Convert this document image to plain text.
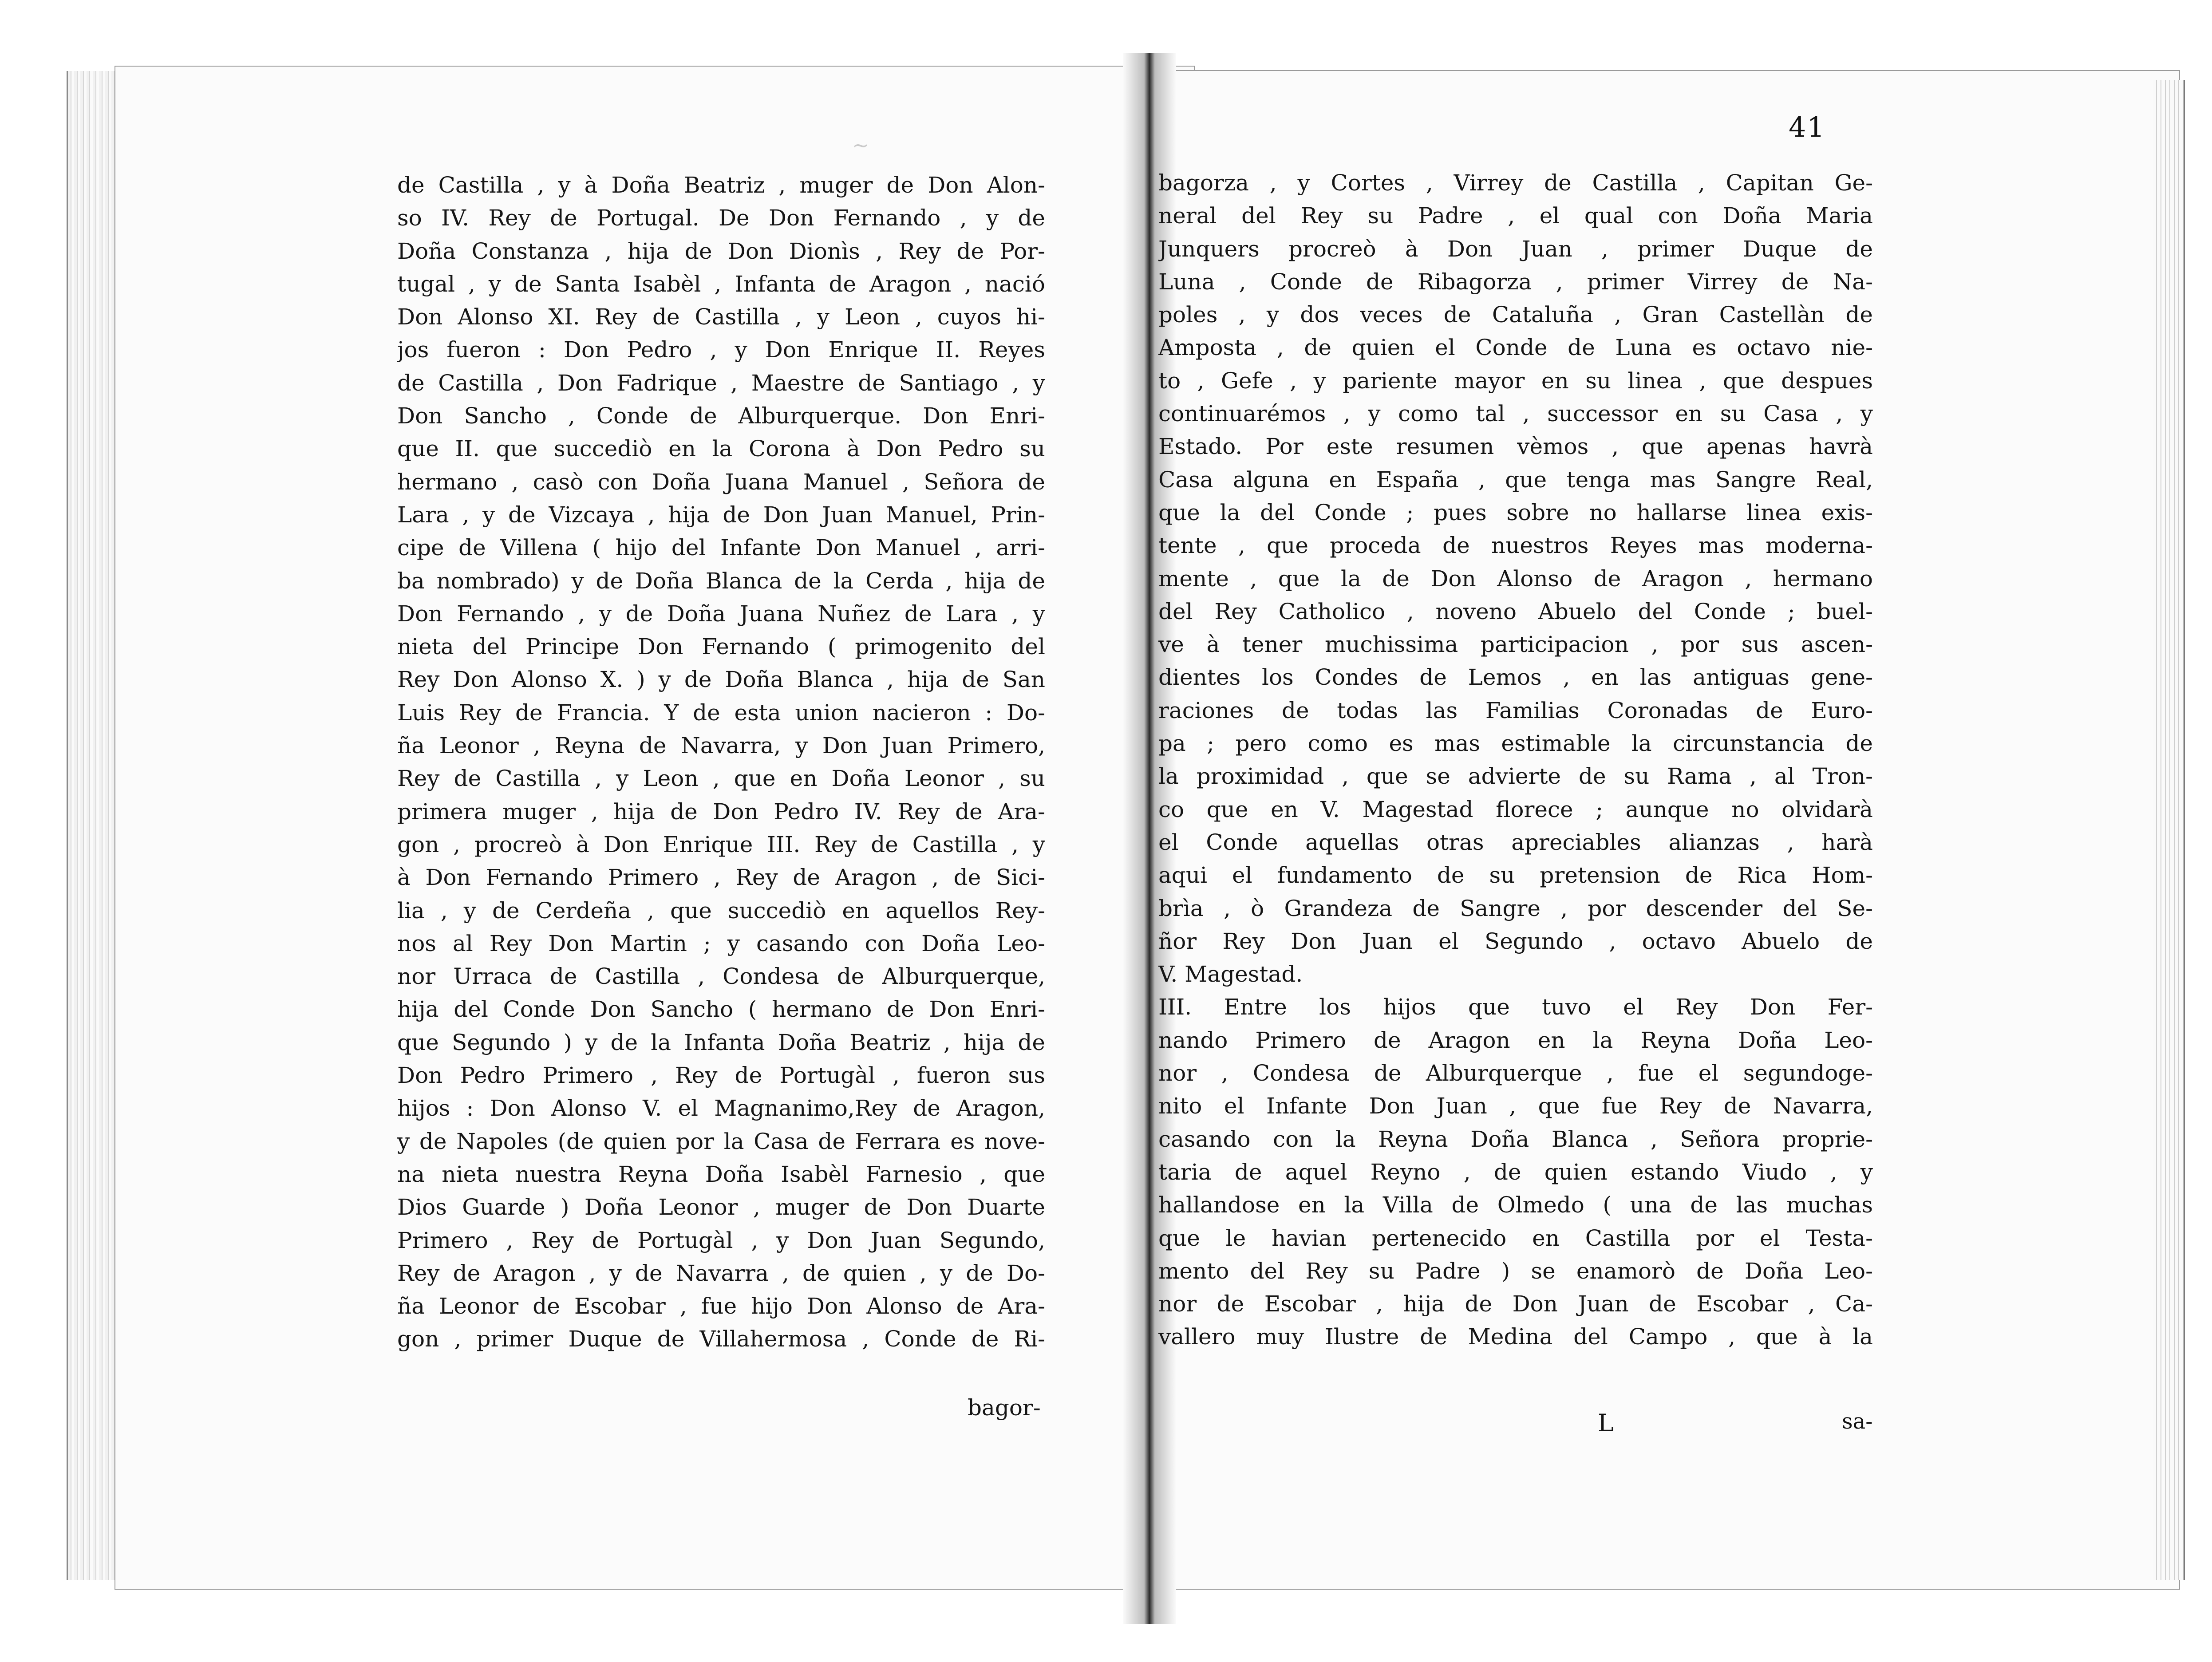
~
de Castilla , y à Doña Beatriz , muger de Don Alon-
so IV. Rey de Portugal. De Don Fernando , y de
Doña Constanza , hija de Don Dionìs , Rey de Por-
tugal , y de Santa Isabèl , Infanta de Aragon , nació
Don Alonso XI. Rey de Castilla , y Leon , cuyos hi-
jos fueron : Don Pedro , y Don Enrique II. Reyes
de Castilla , Don Fadrique , Maestre de Santiago , y
Don Sancho , Conde de Alburquerque. Don Enri-
que II. que succediò en la Corona à Don Pedro su
hermano , casò con Doña Juana Manuel , Señora de
Lara , y de Vizcaya , hija de Don Juan Manuel, Prin-
cipe de Villena ( hijo del Infante Don Manuel , arri-
ba nombrado) y de Doña Blanca de la Cerda , hija de
Don Fernando , y de Doña Juana Nuñez de Lara , y
nieta del Principe Don Fernando ( primogenito del
Rey Don Alonso X. ) y de Doña Blanca , hija de San
Luis Rey de Francia. Y de esta union nacieron : Do-
ña Leonor , Reyna de Navarra, y Don Juan Primero,
Rey de Castilla , y Leon , que en Doña Leonor , su
primera muger , hija de Don Pedro IV. Rey de Ara-
gon , procreò à Don Enrique III. Rey de Castilla , y
à Don Fernando Primero , Rey de Aragon , de Sici-
lia , y de Cerdeña , que succediò en aquellos Rey-
nos al Rey Don Martin ; y casando con Doña Leo-
nor Urraca de Castilla , Condesa de Alburquerque,
hija del Conde Don Sancho ( hermano de Don Enri-
que Segundo ) y de la Infanta Doña Beatriz , hija de
Don Pedro Primero , Rey de Portugàl , fueron sus
hijos : Don Alonso V. el Magnanimo,Rey de Aragon,
y de Napoles (de quien por la Casa de Ferrara es nove-
na nieta nuestra Reyna Doña Isabèl Farnesio , que
Dios Guarde ) Doña Leonor , muger de Don Duarte
Primero , Rey de Portugàl , y Don Juan Segundo,
Rey de Aragon , y de Navarra , de quien , y de Do-
ña Leonor de Escobar , fue hijo Don Alonso de Ara-
gon , primer Duque de Villahermosa , Conde de Ri-
bagor-
41
bagorza , y Cortes , Virrey de Castilla , Capitan Ge-
neral del Rey su Padre , el qual con Doña Maria
Junquers procreò à Don Juan , primer Duque de
Luna , Conde de Ribagorza , primer Virrey de Na-
poles , y dos veces de Cataluña , Gran Castellàn de
Amposta , de quien el Conde de Luna es octavo nie-
to , Gefe , y pariente mayor en su linea , que despues
continuarémos , y como tal , successor en su Casa , y
Estado. Por este resumen vèmos , que apenas havrà
Casa alguna en España , que tenga mas Sangre Real,
que la del Conde ; pues sobre no hallarse linea exis-
tente , que proceda de nuestros Reyes mas moderna-
mente , que la de Don Alonso de Aragon , hermano
del Rey Catholico , noveno Abuelo del Conde ; buel-
ve à tener muchissima participacion , por sus ascen-
dientes los Condes de Lemos , en las antiguas gene-
raciones de todas las Familias Coronadas de Euro-
pa ; pero como es mas estimable la circunstancia de
la proximidad , que se advierte de su Rama , al Tron-
co que en V. Magestad florece ; aunque no olvidarà
el Conde aquellas otras apreciables alianzas , harà
aqui el fundamento de su pretension de Rica Hom-
brìa , ò Grandeza de Sangre , por descender del Se-
ñor Rey Don Juan el Segundo , octavo Abuelo de
V. Magestad.
III. Entre los hijos que tuvo el Rey Don Fer-
nando Primero de Aragon en la Reyna Doña Leo-
nor , Condesa de Alburquerque , fue el segundoge-
nito el Infante Don Juan , que fue Rey de Navarra,
casando con la Reyna Doña Blanca , Señora proprie-
taria de aquel Reyno , de quien estando Viudo , y
hallandose en la Villa de Olmedo ( una de las muchas
que le havian pertenecido en Castilla por el Testa-
mento del Rey su Padre ) se enamorò de Doña Leo-
nor de Escobar , hija de Don Juan de Escobar , Ca-
vallero muy Ilustre de Medina del Campo , que à la
L	sa-
